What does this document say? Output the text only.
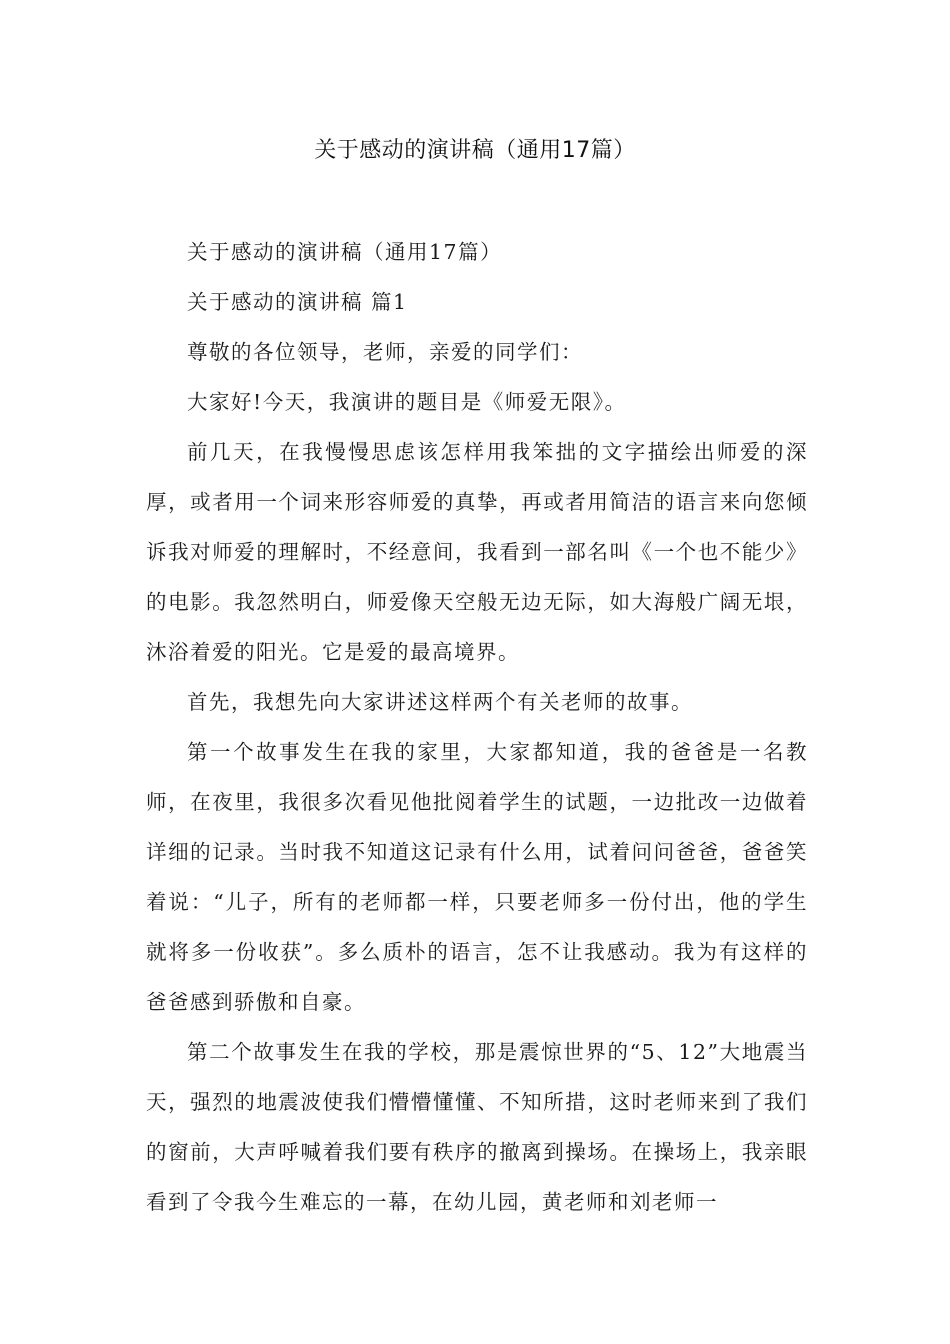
关于感动的演讲稿（通用17篇）

关于感动的演讲稿（通用17篇）

关于感动的演讲稿 篇1

尊敬的各位领导，老师，亲爱的同学们：

大家好!今天，我演讲的题目是《师爱无限》。

前几天，在我慢慢思虑该怎样用我笨拙的文字描绘出师爱的深厚，或者用一个词来形容师爱的真挚，再或者用简洁的语言来向您倾诉我对师爱的理解时，不经意间，我看到一部名叫《一个也不能少》的电影。我忽然明白，师爱像天空般无边无际，如大海般广阔无垠，沐浴着爱的阳光。它是爱的最高境界。

首先，我想先向大家讲述这样两个有关老师的故事。

第一个故事发生在我的家里，大家都知道，我的爸爸是一名教师，在夜里，我很多次看见他批阅着学生的试题，一边批改一边做着详细的记录。当时我不知道这记录有什么用，试着问问爸爸，爸爸笑着说：“儿子，所有的老师都一样，只要老师多一份付出，他的学生就将多一份收获”。多么质朴的语言，怎不让我感动。我为有这样的爸爸感到骄傲和自豪。

第二个故事发生在我的学校，那是震惊世界的“5、12”大地震当天，强烈的地震波使我们懵懵懂懂、不知所措，这时老师来到了我们的窗前，大声呼喊着我们要有秩序的撤离到操场。在操场上，我亲眼看到了令我今生难忘的一幕，在幼儿园，黄老师和刘老师一
